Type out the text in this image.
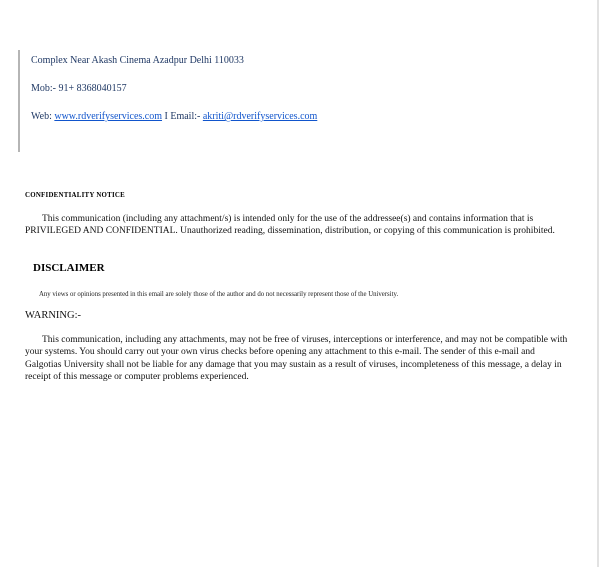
Complex Near Akash Cinema Azadpur Delhi 110033

Mob:- 91+ 8368040157

Web: www.rdverifyservices.com I Email:- akriti@rdverifyservices.com

CONFIDENTIALITY NOTICE

This communication (including any attachment/s) is intended only for the use of the addressee(s) and contains information that is PRIVILEGED AND CONFIDENTIAL. Unauthorized reading, dissemination, distribution, or copying of this communication is prohibited.

DISCLAIMER

Any views or opinions presented in this email are solely those of the author and do not necessarily represent those of the University.

WARNING:-

This communication, including any attachments, may not be free of viruses, interceptions or interference, and may not be compatible with your systems. You should carry out your own virus checks before opening any attachment to this e-mail. The sender of this e-mail and Galgotias University shall not be liable for any damage that you may sustain as a result of viruses, incompleteness of this message, a delay in receipt of this message or computer problems experienced.
